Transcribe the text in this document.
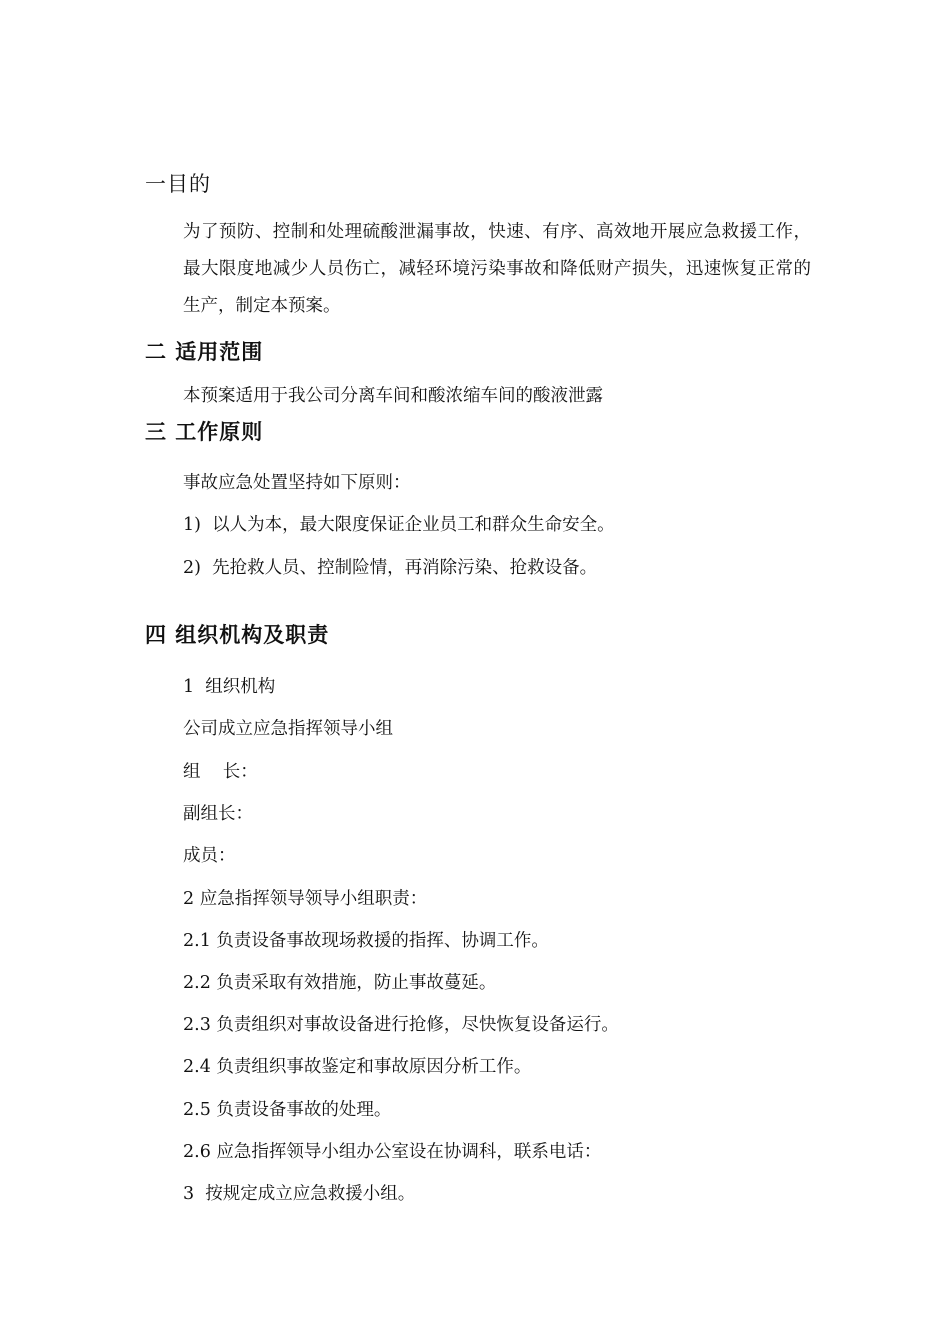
一目的
为了预防、控制和处理硫酸泄漏事故，快速、有序、高效地开展应急救援工作，最大限度地减少人员伤亡，减轻环境污染事故和降低财产损失，迅速恢复正常的生产，制定本预案。
二 适用范围
本预案适用于我公司分离车间和酸浓缩车间的酸液泄露
三 工作原则
事故应急处置坚持如下原则：
1)  以人为本，最大限度保证企业员工和群众生命安全。
2)  先抢救人员、控制险情，再消除污染、抢救设备。
四 组织机构及职责
1  组织机构
公司成立应急指挥领导小组
组    长：
副组长：
成员：
2 应急指挥领导领导小组职责：
2.1 负责设备事故现场救援的指挥、协调工作。
2.2 负责采取有效措施，防止事故蔓延。
2.3 负责组织对事故设备进行抢修，尽快恢复设备运行。
2.4 负责组织事故鉴定和事故原因分析工作。
2.5 负责设备事故的处理。
2.6 应急指挥领导小组办公室设在协调科，联系电话：
3  按规定成立应急救援小组。
